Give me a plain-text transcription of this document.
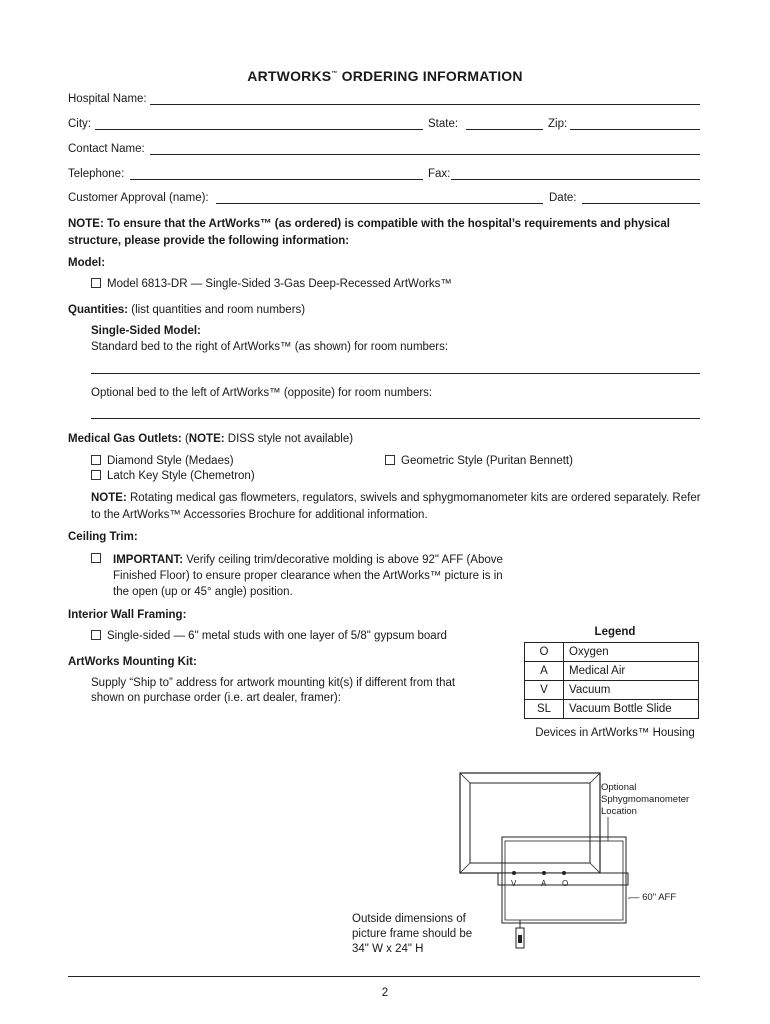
ARTWORKS™ ORDERING INFORMATION
Hospital Name:
City:	State:	Zip:
Contact Name:
Telephone:	Fax:
Customer Approval (name):	Date:
NOTE: To ensure that the ArtWorks™ (as ordered) is compatible with the hospital’s requirements and physical structure, please provide the following information:
Model:
Model 6813-DR — Single-Sided 3-Gas Deep-Recessed ArtWorks™
Quantities: (list quantities and room numbers)
Single-Sided Model:
Standard bed to the right of ArtWorks™ (as shown) for room numbers:
Optional bed to the left of ArtWorks™ (opposite) for room numbers:
Medical Gas Outlets: (NOTE: DISS style not available)
Diamond Style (Medaes)	Geometric Style (Puritan Bennett)
Latch Key Style (Chemetron)
NOTE: Rotating medical gas flowmeters, regulators, swivels and sphygmomanometer kits are ordered separately. Refer to the ArtWorks™ Accessories Brochure for additional information.
Ceiling Trim:
IMPORTANT: Verify ceiling trim/decorative molding is above 92" AFF (Above Finished Floor) to ensure proper clearance when the ArtWorks™ picture is in the open (up or 45° angle) position.
Interior Wall Framing:
Single-sided — 6" metal studs with one layer of 5/8" gypsum board
ArtWorks Mounting Kit:
Supply “Ship to” address for artwork mounting kit(s) if different from that shown on purchase order (i.e. art dealer, framer):
Legend
O	Oxygen
A	Medical Air
V	Vacuum
SL	Vacuum Bottle Slide
Devices in ArtWorks™ Housing
Optional
Sphygmomanometer
Location
V	A O
— 60" AFF
Outside dimensions of
picture frame should be
34" W x 24" H
2
